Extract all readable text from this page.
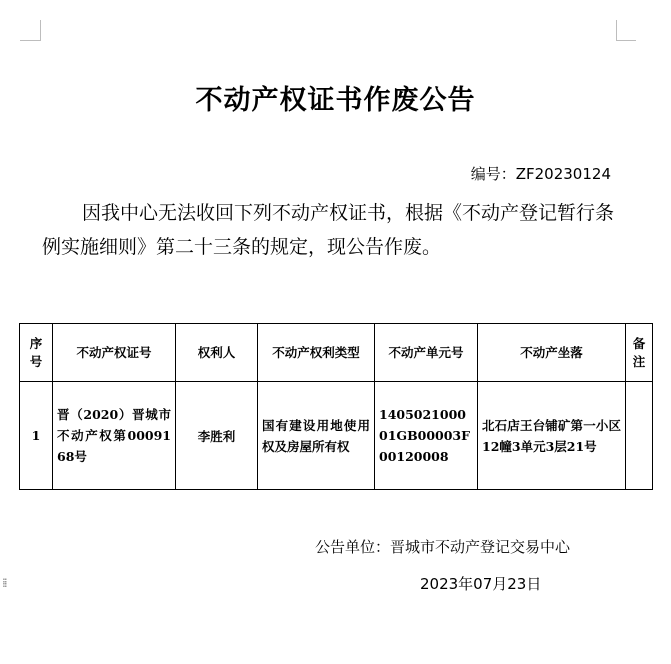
不动产权证书作废公告
编号：ZF20230124

因我中心无法收回下列不动产权证书，根据《不动产登记暂行条例实施细则》第二十三条的规定，现公告作废。

序号	不动产权证号	权利人	不动产权利类型	不动产单元号	不动产坐落	备注
1	晋（2020）晋城市不动产权第0009168号	李胜利	国有建设用地使用权及房屋所有权	140502100001GB00003F00120008	北石店王台铺矿第一小区12幢3单元3层21号	
公告单位：晋城市不动产登记交易中心
⁞⁞	2023年07月23日
